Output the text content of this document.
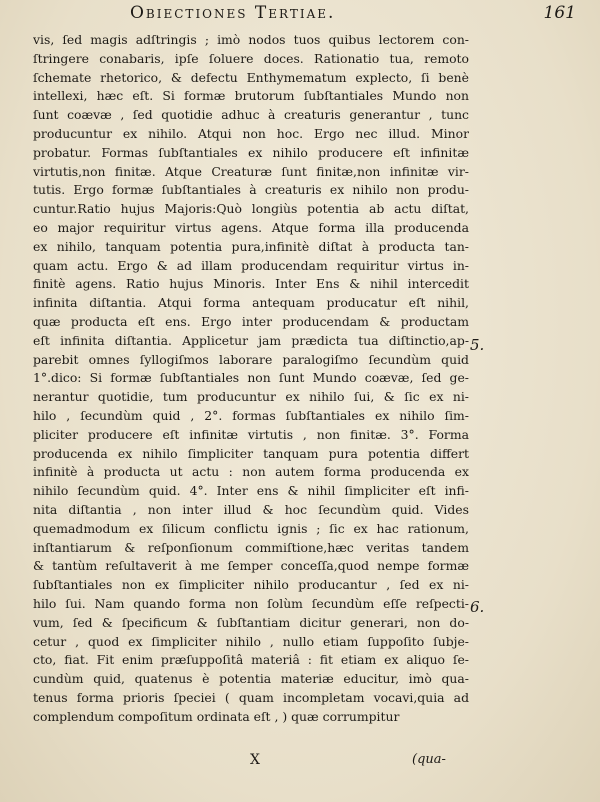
Obiectiones Tertiae.	161
vis, ſed magis adſtringis ; imò nodos tuos quibus lectorem con-
ſtringere conabaris, ipſe ſoluere doces. Rationatio tua, remoto
ſchemate rhetorico, & defectu Enthymematum explecto, ſi benè
intellexi, hæc eſt. Si formæ brutorum ſubſtantiales Mundo non
ſunt coævæ , ſed quotidie adhuc à creaturis generantur , tunc
producuntur ex nihilo. Atqui non hoc. Ergo nec illud. Minor
probatur. Formas ſubſtantiales ex nihilo producere eſt infinitæ
virtutis,non finitæ. Atque Creaturæ ſunt finitæ,non infinitæ vir-
tutis. Ergo formæ ſubſtantiales à creaturis ex nihilo non produ-
cuntur.Ratio hujus Majoris:Quò longiùs potentia ab actu diſtat,
eo major requiritur virtus agens. Atque forma illa producenda
ex nihilo, tanquam potentia pura,infinitè diſtat à producta tan-
quam actu. Ergo & ad illam producendam requiritur virtus in-
finitè agens. Ratio hujus Minoris. Inter Ens & nihil intercedit
infinita diſtantia. Atqui forma antequam producatur eſt nihil,
quæ producta eſt ens. Ergo inter producendam & productam
eſt infinita diſtantia. Applicetur jam prædicta tua diſtinctio,ap-
parebit omnes ſyllogiſmos laborare paralogiſmo ſecundùm quid
1°.dico: Si formæ ſubſtantiales non ſunt Mundo coævæ, ſed ge-
nerantur quotidie, tum producuntur ex nihilo ſui, & ſic ex ni-
hilo , ſecundùm quid , 2°. formas ſubſtantiales ex nihilo ſim-
pliciter producere eſt infinitæ virtutis , non finitæ. 3°. Forma
producenda ex nihilo ſimpliciter tanquam pura potentia differt
infinitè à producta ut actu : non autem forma producenda ex
nihilo ſecundùm quid. 4°. Inter ens & nihil ſimpliciter eſt infi-
nita diſtantia , non inter illud & hoc ſecundùm quid. Vides
quemadmodum ex ſilicum conflictu ignis ; ſic ex hac rationum,
inſtantiarum & reſponſionum commiſtione,hæc veritas tandem
& tantùm reſultaverit à me ſemper conceſſa,quod nempe formæ
ſubſtantiales non ex ſimpliciter nihilo producantur , ſed ex ni-
hilo ſui. Nam quando forma non ſolùm ſecundùm eſſe reſpecti-
vum, ſed & ſpecificum & ſubſtantiam dicitur generari, non do-
cetur , quod ex ſimpliciter nihilo , nullo etiam ſuppoſito ſubje-
cto, fiat. Fit enim præſuppoſitâ materiâ : fit etiam ex aliquo ſe-
cundùm quid, quatenus è potentia materiæ educitur, imò qua-
tenus forma prioris ſpeciei ( quam incompletam vocavi,quia ad
complendum compoſitum ordinata eſt , ) quæ corrumpitur
5.
6.
X	(qua-
